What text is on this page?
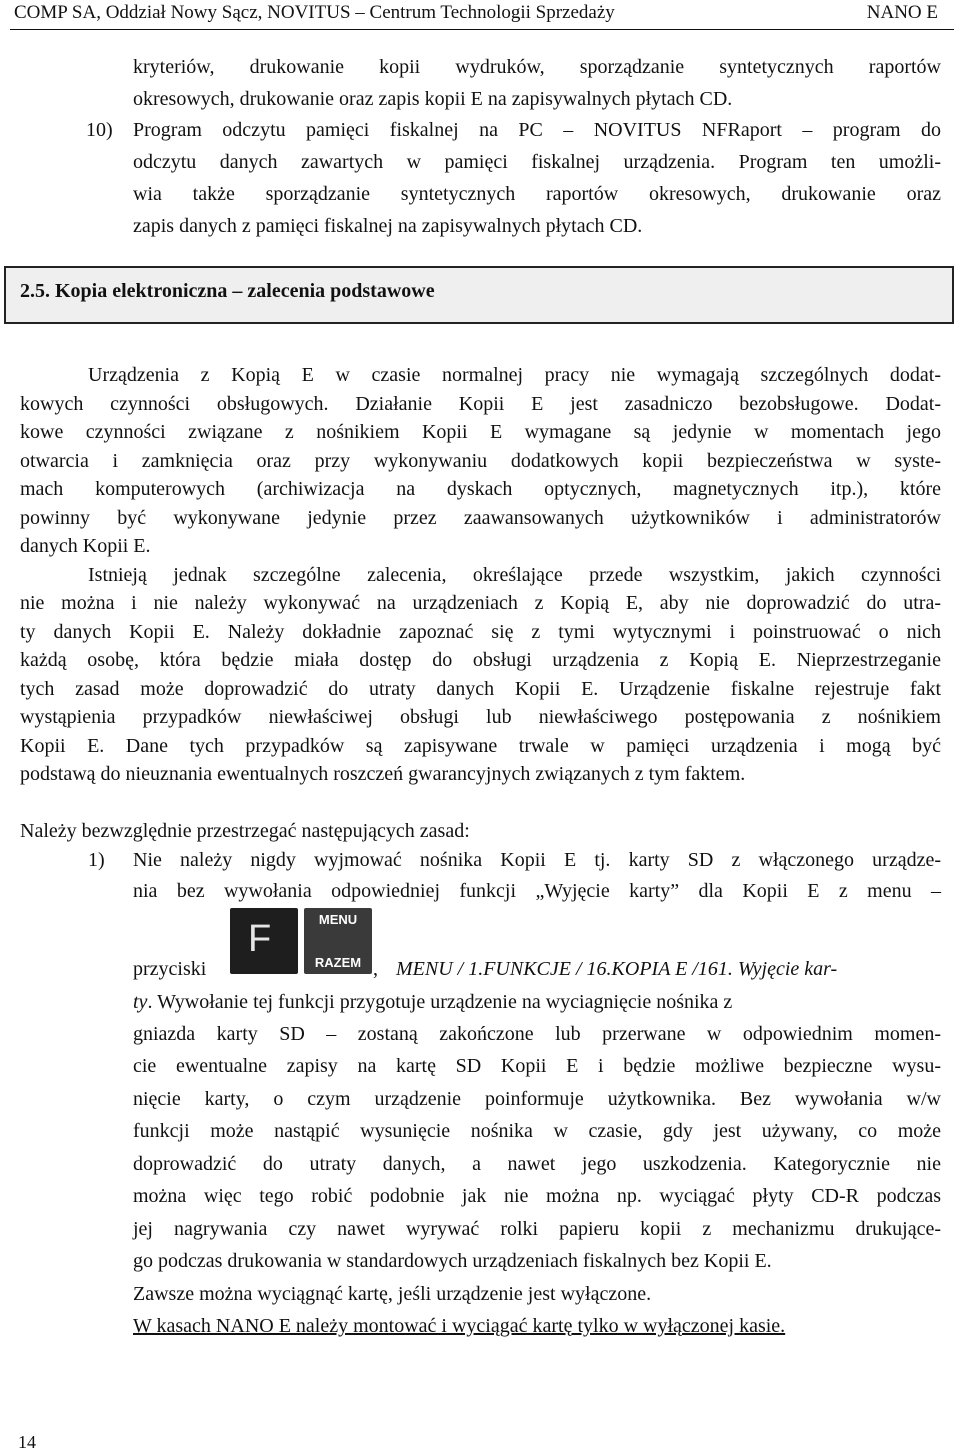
COMP SA, Oddział Nowy Sącz, NOVITUS – Centrum Technologii Sprzedaży	NANO E
kryteriów, drukowanie kopii wydruków, sporządzanie syntetycznych raportów
okresowych, drukowanie oraz zapis kopii E na zapisywalnych płytach CD.
10) Program odczytu pamięci fiskalnej na PC – NOVITUS NFRaport – program do
odczytu danych zawartych w pamięci fiskalnej urządzenia. Program ten umożli-
wia także sporządzanie syntetycznych raportów okresowych, drukowanie oraz
zapis danych z pamięci fiskalnej na zapisywalnych płytach CD.
2.5. Kopia elektroniczna – zalecenia podstawowe
Urządzenia z Kopią E w czasie normalnej pracy nie wymagają szczególnych dodat-
kowych czynności obsługowych. Działanie Kopii E jest zasadniczo bezobsługowe. Dodat-
kowe czynności związane z nośnikiem Kopii E wymagane są jedynie w momentach jego
otwarcia i zamknięcia oraz przy wykonywaniu dodatkowych kopii bezpieczeństwa w syste-
mach komputerowych (archiwizacja na dyskach optycznych, magnetycznych itp.), które
powinny być wykonywane jedynie przez zaawansowanych użytkowników i administratorów
danych Kopii E.
Istnieją jednak szczególne zalecenia, określające przede wszystkim, jakich czynności
nie można i nie należy wykonywać na urządzeniach z Kopią E, aby nie doprowadzić do utra-
ty danych Kopii E. Należy dokładnie zapoznać się z tymi wytycznymi i poinstruować o nich
każdą osobę, która będzie miała dostęp do obsługi urządzenia z Kopią E. Nieprzestrzeganie
tych zasad może doprowadzić do utraty danych Kopii E. Urządzenie fiskalne rejestruje fakt
wystąpienia przypadków niewłaściwej obsługi lub niewłaściwego postępowania z nośnikiem
Kopii E. Dane tych przypadków są zapisywane trwale w pamięci urządzenia i mogą być
podstawą do nieuznania ewentualnych roszczeń gwarancyjnych związanych z tym faktem.
Należy bezwzględnie przestrzegać następujących zasad:
1) Nie należy nigdy wyjmować nośnika Kopii E tj. karty SD z włączonego urządze-
nia bez wywołania odpowiedniej funkcji „Wyjęcie karty” dla Kopii E z menu –
przyciski
F	MENU
RAZEM , MENU / 1.FUNKCJE / 16.KOPIA E /161. Wyjęcie kar-
ty. Wywołanie tej funkcji przygotuje urządzenie na wyciagnięcie nośnika z
gniazda karty SD – zostaną zakończone lub przerwane w odpowiednim momen-
cie ewentualne zapisy na kartę SD Kopii E i będzie możliwe bezpieczne wysu-
nięcie karty, o czym urządzenie poinformuje użytkownika. Bez wywołania w/w
funkcji może nastąpić wysunięcie nośnika w czasie, gdy jest używany, co może
doprowadzić do utraty danych, a nawet jego uszkodzenia. Kategorycznie nie
można więc tego robić podobnie jak nie można np. wyciągać płyty CD-R podczas
jej nagrywania czy nawet wyrywać rolki papieru kopii z mechanizmu drukujące-
go podczas drukowania w standardowych urządzeniach fiskalnych bez Kopii E.
Zawsze można wyciągnąć kartę, jeśli urządzenie jest wyłączone.
W kasach NANO E należy montować i wyciągać kartę tylko w wyłączonej kasie.
14
